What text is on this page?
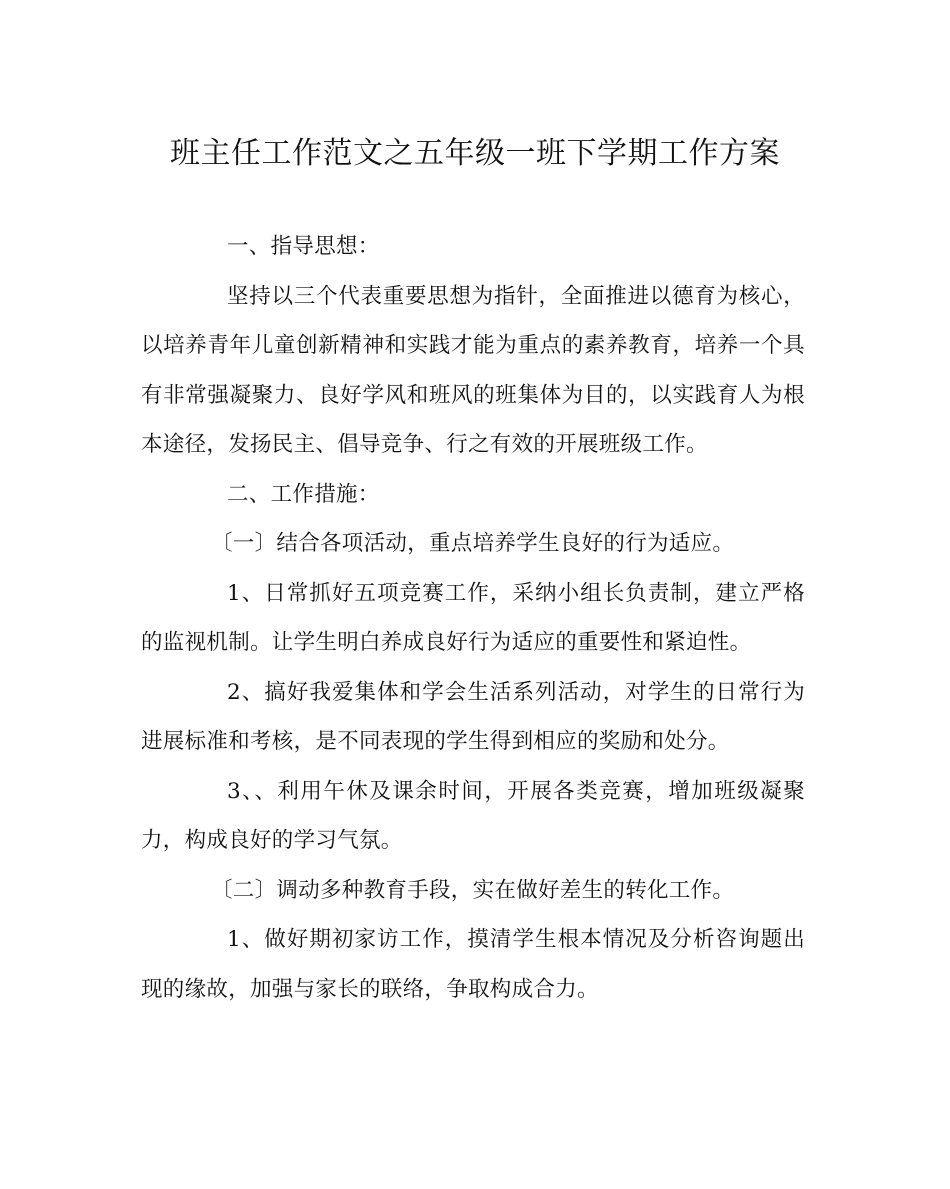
班主任工作范文之五年级一班下学期工作方案

一、指导思想：

坚持以三个代表重要思想为指针，全面推进以德育为核心，以培养青年儿童创新精神和实践才能为重点的素养教育，培养一个具有非常强凝聚力、良好学风和班风的班集体为目的，以实践育人为根本途径，发扬民主、倡导竞争、行之有效的开展班级工作。

二、工作措施：

〔一〕结合各项活动，重点培养学生良好的行为适应。

1、日常抓好五项竞赛工作，采纳小组长负责制，建立严格的监视机制。让学生明白养成良好行为适应的重要性和紧迫性。

2、搞好我爱集体和学会生活系列活动，对学生的日常行为进展标准和考核，是不同表现的学生得到相应的奖励和处分。

3、、利用午休及课余时间，开展各类竞赛，增加班级凝聚力，构成良好的学习气氛。

〔二〕调动多种教育手段，实在做好差生的转化工作。

1、做好期初家访工作，摸清学生根本情况及分析咨询题出现的缘故，加强与家长的联络，争取构成合力。
